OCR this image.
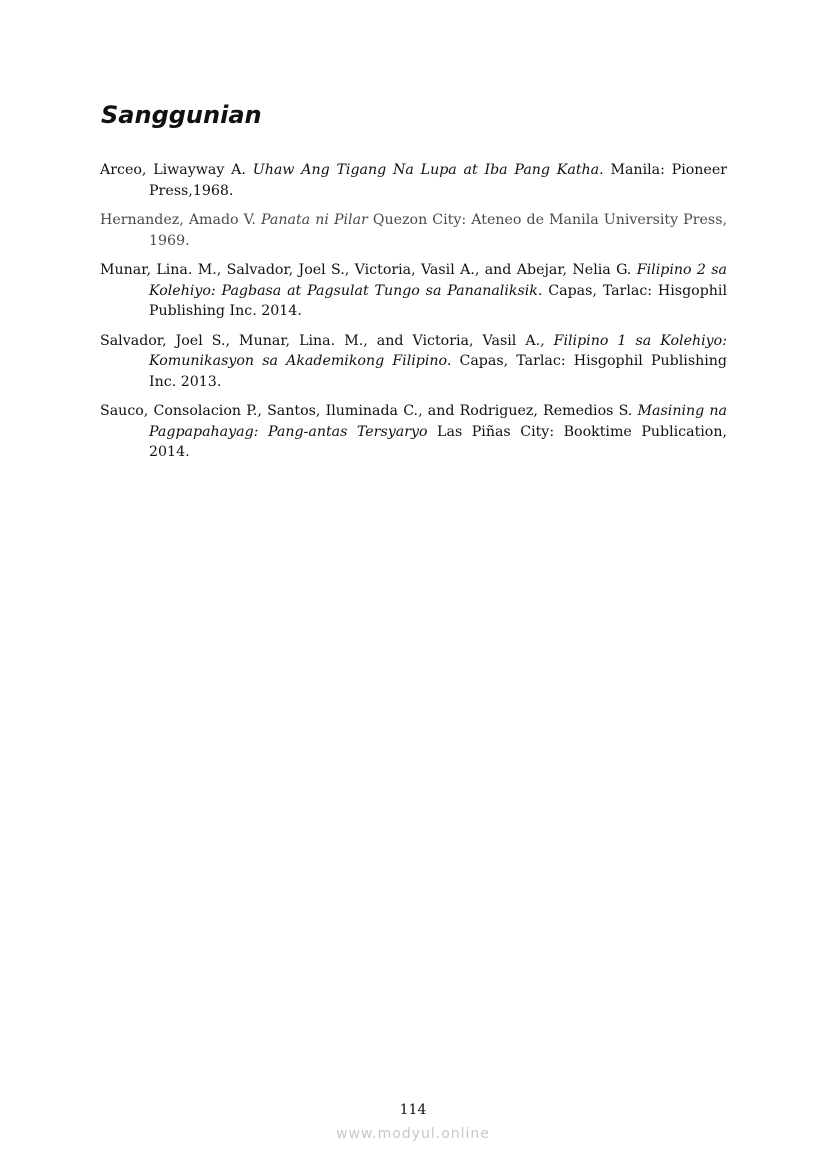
Sanggunian
Arceo, Liwayway A. Uhaw Ang Tigang Na Lupa at Iba Pang Katha. Manila: Pioneer Press,1968.
Hernandez, Amado V. Panata ni Pilar Quezon City: Ateneo de Manila University Press, 1969.
Munar, Lina. M., Salvador, Joel S., Victoria, Vasil A., and Abejar, Nelia G. Filipino 2 sa Kolehiyo: Pagbasa at Pagsulat Tungo sa Pananaliksik. Capas, Tarlac: Hisgophil Publishing Inc. 2014.
Salvador, Joel S., Munar, Lina. M., and Victoria, Vasil A., Filipino 1 sa Kolehiyo: Komunikasyon sa Akademikong Filipino. Capas, Tarlac: Hisgophil Publishing Inc. 2013.
Sauco, Consolacion P., Santos, Iluminada C., and Rodriguez, Remedios S. Masining na Pagpapahayag: Pang-antas Tersyaryo Las Piñas City: Booktime Publication, 2014.
114
www.modyul.online
